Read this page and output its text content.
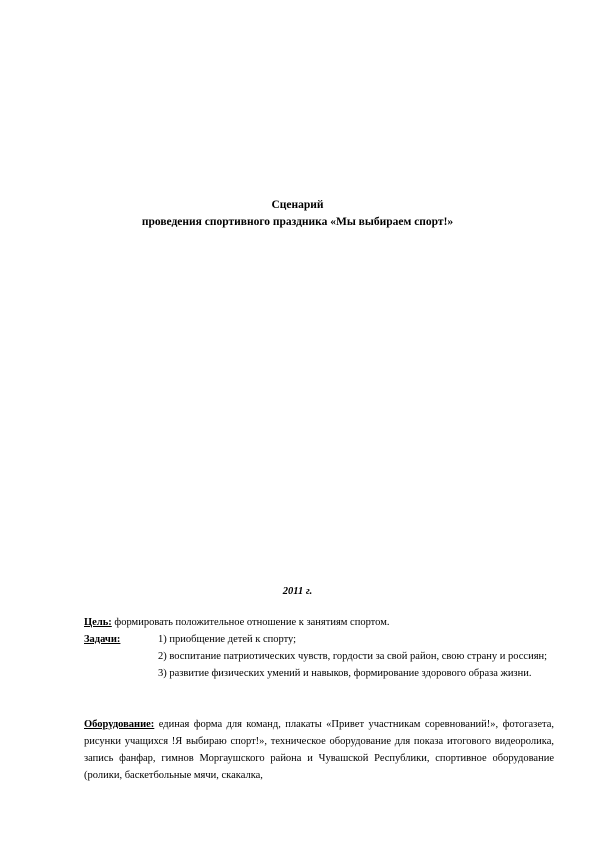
Сценарий
проведения спортивного праздника «Мы выбираем спорт!»
2011 г.
Цель: формировать положительное отношение к занятиям спортом.
Задачи:	1) приобщение детей к спорту;
2) воспитание патриотических чувств, гордости за свой район, свою страну и россиян;
3) развитие физических умений и навыков, формирование здорового образа жизни.
Оборудование: единая форма для команд, плакаты «Привет участникам соревнований!», фотогазета, рисунки учащихся !Я выбираю спорт!», техническое оборудование для показа итогового видеоролика, запись фанфар, гимнов Моргаушского района и Чувашской Республики, спортивное оборудование (ролики, баскетбольные мячи, скакалка,
